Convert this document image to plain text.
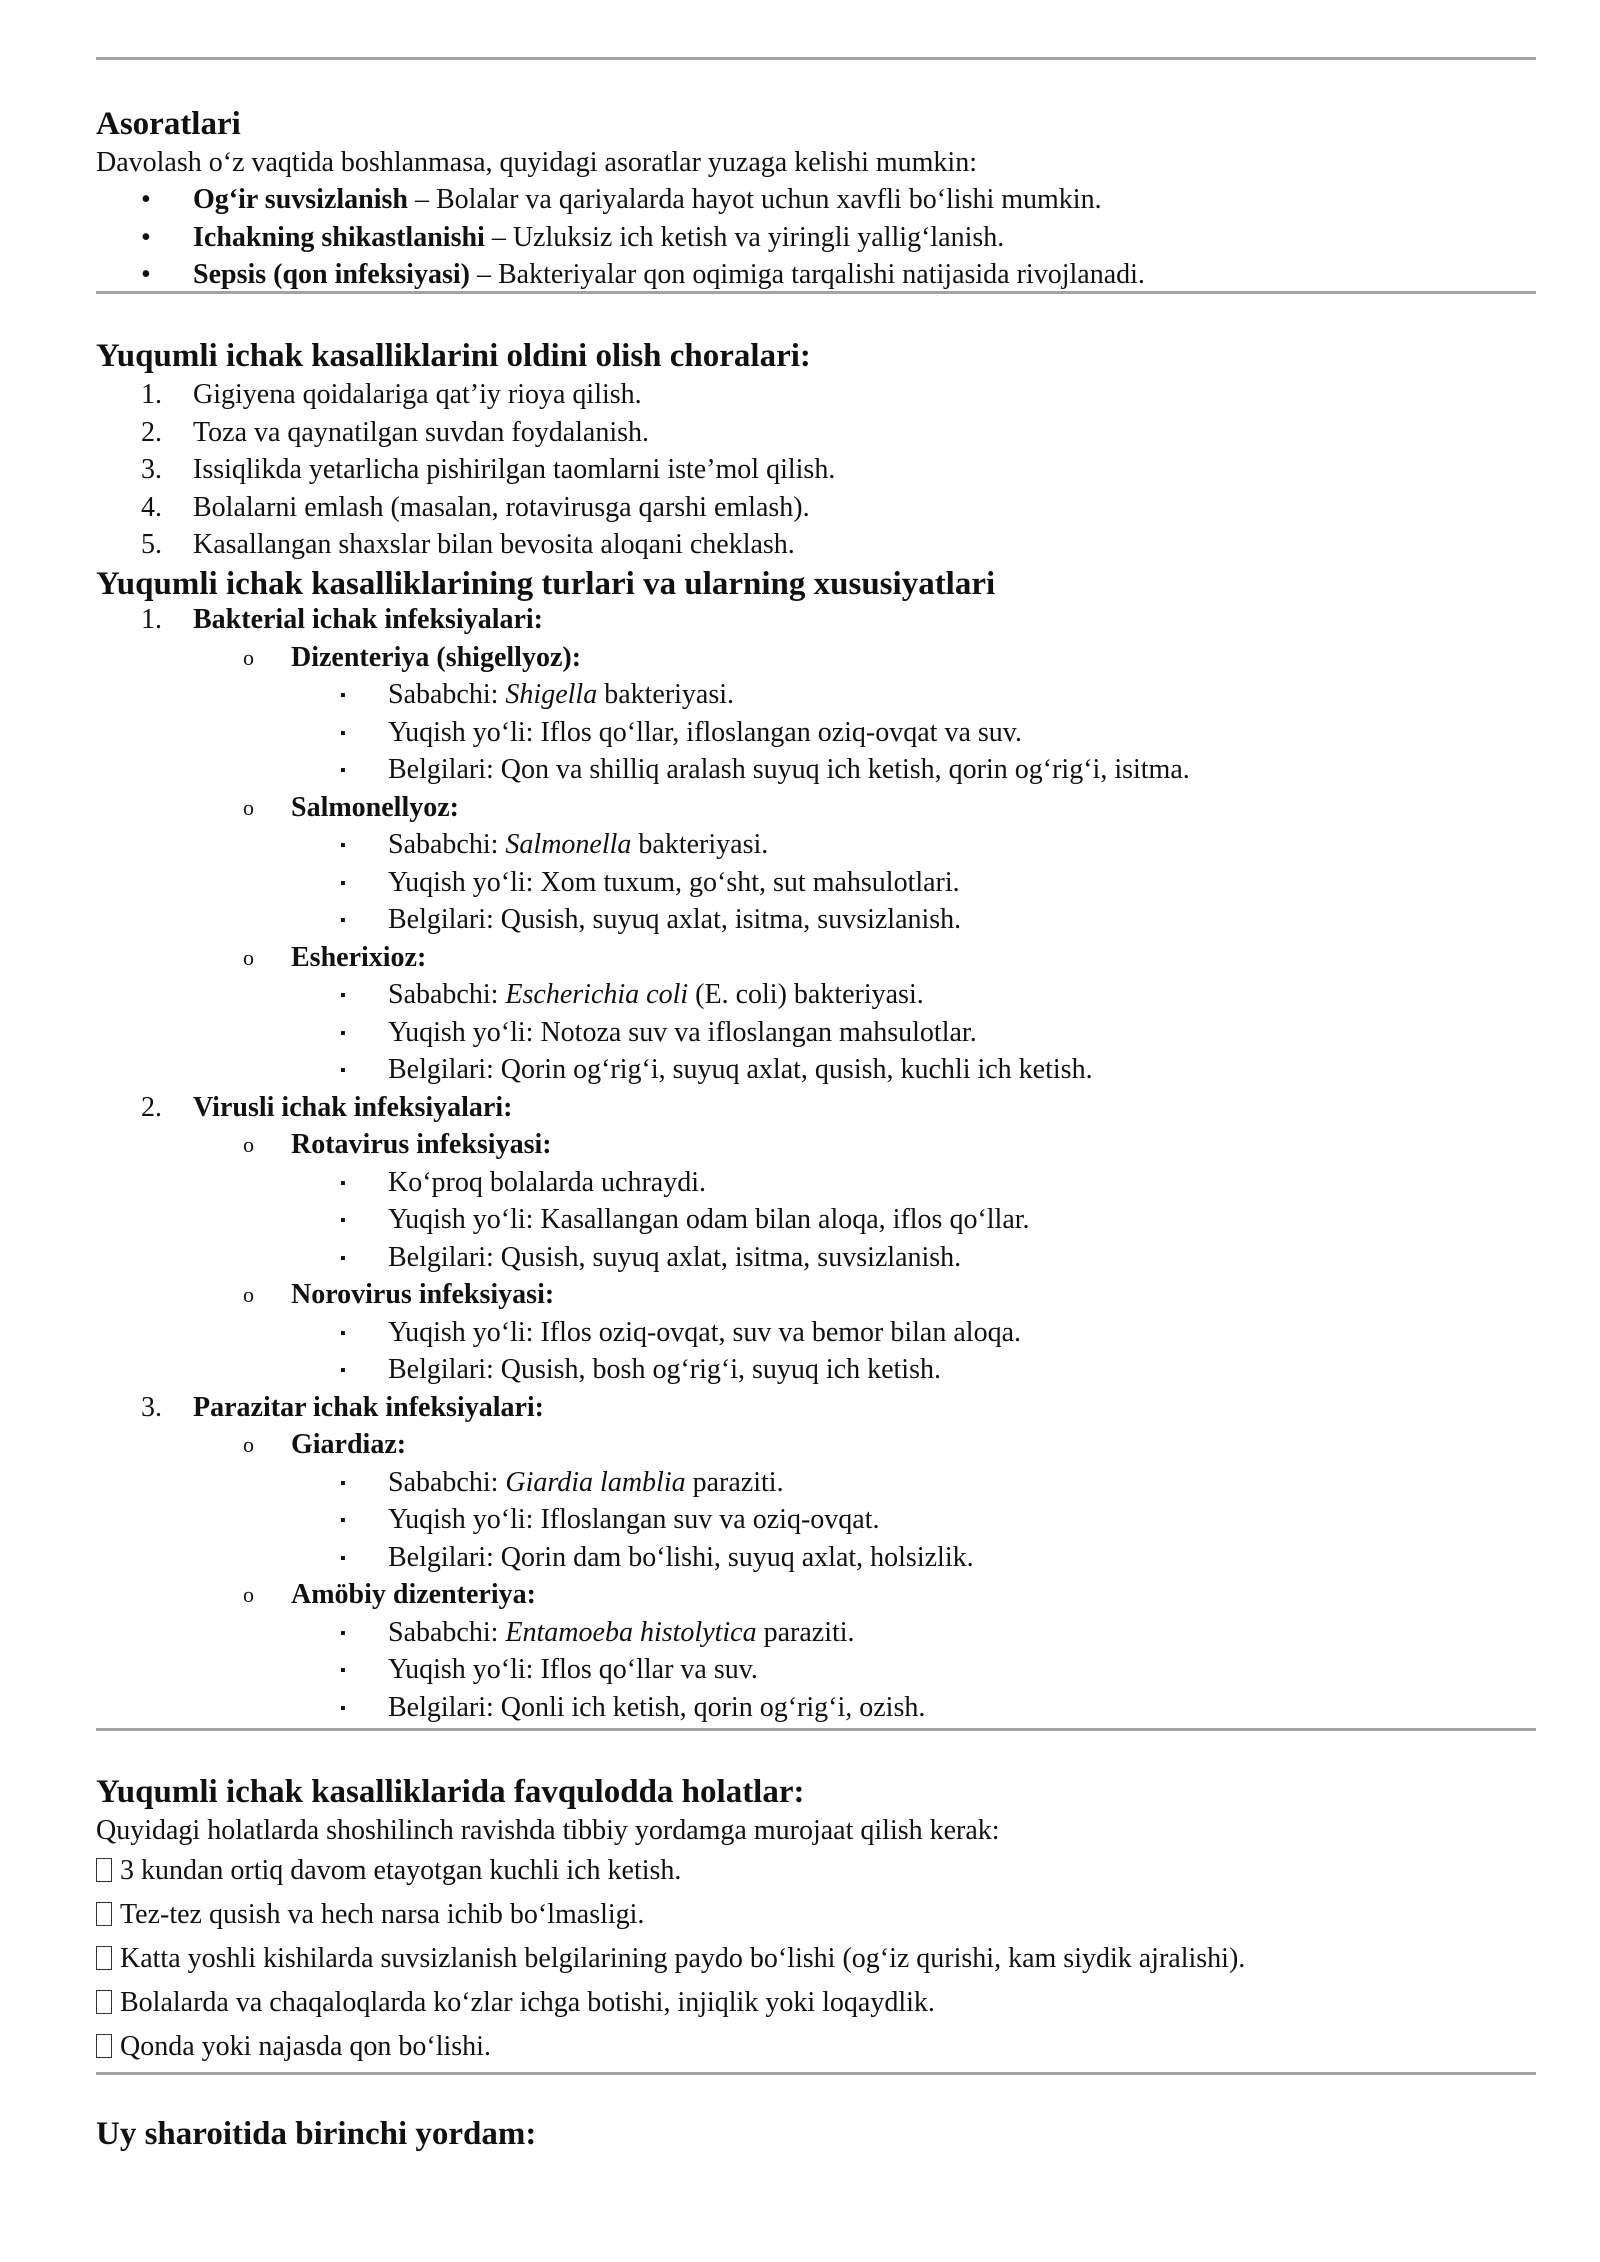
Asoratlari

Davolash o‘z vaqtida boshlanmasa, quyidagi asoratlar yuzaga kelishi mumkin:

• Og‘ir suvsizlanish – Bolalar va qariyalarda hayot uchun xavfli bo‘lishi mumkin.
• Ichakning shikastlanishi – Uzluksiz ich ketish va yiringli yallig‘lanish.
• Sepsis (qon infeksiyasi) – Bakteriyalar qon oqimiga tarqalishi natijasida rivojlanadi.
Yuqumli ichak kasalliklarini oldini olish choralari:
1.	Gigiyena qoidalariga qat’iy rioya qilish.
2.	Toza va qaynatilgan suvdan foydalanish.
3.	Issiqlikda yetarlicha pishirilgan taomlarni iste’mol qilish.
4.	Bolalarni emlash (masalan, rotavirusga qarshi emlash).
5.	Kasallangan shaxslar bilan bevosita aloqani cheklash.
Yuqumli ichak kasalliklarining turlari va ularning xususiyatlari
1.	Bakterial ichak infeksiyalari:
o Dizenteriya (shigellyoz):
▪ Sababchi: Shigella bakteriyasi.
▪ Yuqish yo‘li: Iflos qo‘llar, ifloslangan oziq-ovqat va suv.
▪ Belgilari: Qon va shilliq aralash suyuq ich ketish, qorin og‘rig‘i, isitma.
o Salmonellyoz:
▪ Sababchi: Salmonella bakteriyasi.
▪ Yuqish yo‘li: Xom tuxum, go‘sht, sut mahsulotlari.
▪ Belgilari: Qusish, suyuq axlat, isitma, suvsizlanish.
o Esherixioz:
▪ Sababchi: Escherichia coli (E. coli) bakteriyasi.
▪ Yuqish yo‘li: Notoza suv va ifloslangan mahsulotlar.
▪ Belgilari: Qorin og‘rig‘i, suyuq axlat, qusish, kuchli ich ketish.
2.	Virusli ichak infeksiyalari:
o Rotavirus infeksiyasi:
▪ Ko‘proq bolalarda uchraydi.
▪ Yuqish yo‘li: Kasallangan odam bilan aloqa, iflos qo‘llar.
▪ Belgilari: Qusish, suyuq axlat, isitma, suvsizlanish.
o Norovirus infeksiyasi:
▪ Yuqish yo‘li: Iflos oziq-ovqat, suv va bemor bilan aloqa.
▪ Belgilari: Qusish, bosh og‘rig‘i, suyuq ich ketish.
3.	Parazitar ichak infeksiyalari:
o Giardiaz:
▪ Sababchi: Giardia lamblia paraziti.
▪ Yuqish yo‘li: Ifloslangan suv va oziq-ovqat.
▪ Belgilari: Qorin dam bo‘lishi, suyuq axlat, holsizlik.
o Amöbiy dizenteriya:
▪ Sababchi: Entamoeba histolytica paraziti.
▪ Yuqish yo‘li: Iflos qo‘llar va suv.
▪ Belgilari: Qonli ich ketish, qorin og‘rig‘i, ozish.
Yuqumli ichak kasalliklarida favqulodda holatlar:

Quyidagi holatlarda shoshilinch ravishda tibbiy yordamga murojaat qilish kerak:

3 kundan ortiq davom etayotgan kuchli ich ketish.
Tez-tez qusish va hech narsa ichib bo‘lmasligi.
Katta yoshli kishilarda suvsizlanish belgilarining paydo bo‘lishi (og‘iz qurishi, kam siydik ajralishi).
Bolalarda va chaqaloqlarda ko‘zlar ichga botishi, injiqlik yoki loqaydlik.
Qonda yoki najasda qon bo‘lishi.
Uy sharoitida birinchi yordam:
